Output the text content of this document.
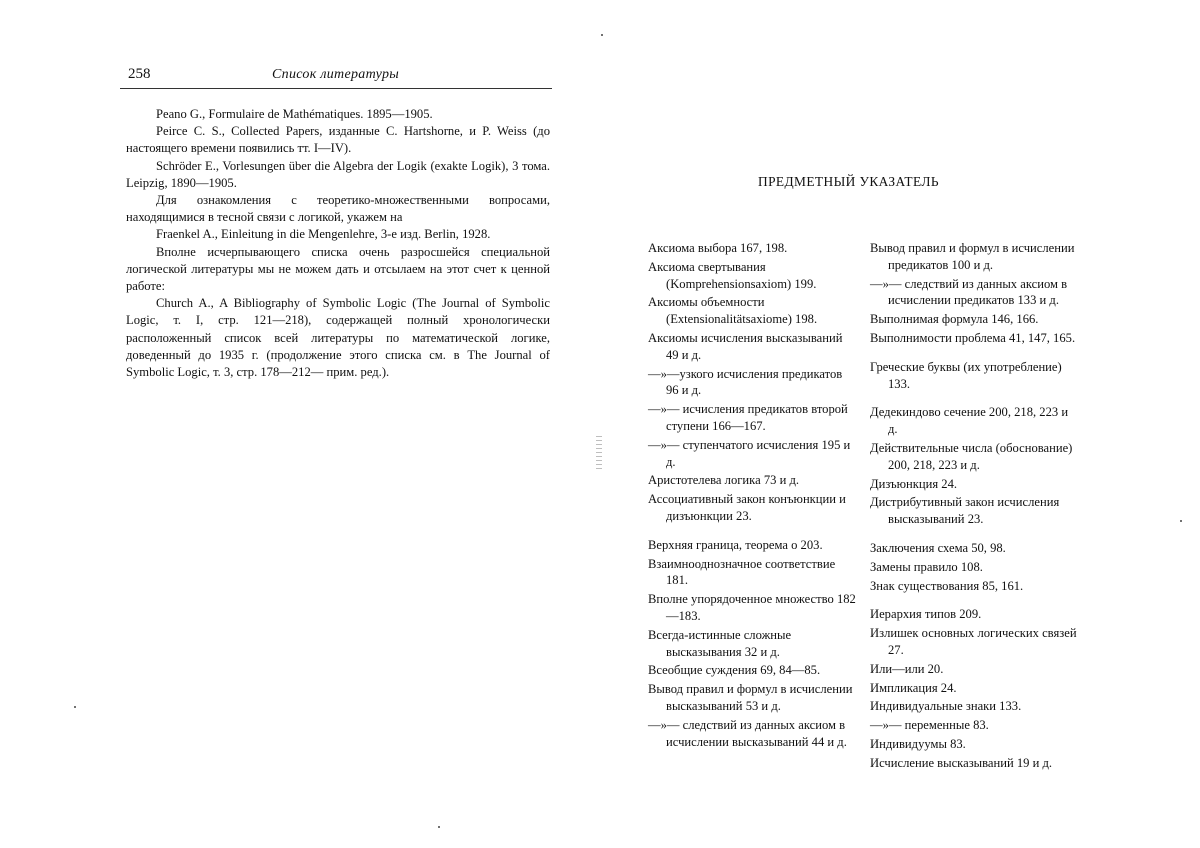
258	Список литературы

Peano G., Formulaire de Mathématiques. 1895—1905.

Peirce C. S., Collected Papers, изданные С. Hartshorne, и P. Weiss (до настоящего времени появились тт. I—IV).

Schröder E., Vorlesungen über die Algebra der Logik (exakte Logik), 3 тома. Leipzig, 1890—1905.

Для ознакомления с теоретико-множественными вопросами, находящимися в тесной связи с логикой, укажем на

Fraenkel A., Einleitung in die Mengenlehre, 3-е изд. Berlin, 1928.

Вполне исчерпывающего списка очень разросшейся специальной логической литературы мы не можем дать и отсылаем на этот счет к ценной работе:

Church A., A Bibliography of Symbolic Logic (The Journal of Symbolic Logic, т. I, стр. 121—218), содержащей полный хронологически расположенный список всей литературы по математической логике, доведенный до 1935 г. (продолжение этого списка см. в The Journal of Symbolic Logic, т. 3, стр. 178—212— прим. ред.).

ПРЕДМЕТНЫЙ УКАЗАТЕЛЬ
Аксиома выбора 167, 198.
Аксиома свертывания (Komprehensionsaxiom) 199.
Аксиомы объемности (Extensionalitätsaxiome) 198.
Аксиомы исчисления высказываний 49 и д.
—»—узкого исчисления предикатов 96 и д.
—»— исчисления предикатов второй ступени 166—167.
—»— ступенчатого исчисления 195 и д.
Аристотелева логика 73 и д.
Ассоциативный закон конъюнкции и дизъюнкции 23.
Верхняя граница, теорема о 203.
Взаимнооднозначное соответствие 181.
Вполне упорядоченное множество 182—183.
Всегда-истинные сложные высказывания 32 и д.
Всеобщие суждения 69, 84—85.
Вывод правил и формул в исчислении высказываний 53 и д.
—»— следствий из данных аксиом в исчислении высказываний 44 и д.
Вывод правил и формул в исчислении предикатов 100 и д.
—»— следствий из данных аксиом в исчислении предикатов 133 и д.
Выполнимая формула 146, 166.
Выполнимости проблема 41, 147, 165.
Греческие буквы (их употребление) 133.
Дедекиндово сечение 200, 218, 223 и д.
Действительные числа (обоснование) 200, 218, 223 и д.
Дизъюнкция 24.
Дистрибутивный закон исчисления высказываний 23.
Заключения схема 50, 98.
Замены правило 108.
Знак существования 85, 161.
Иерархия типов 209.
Излишек основных логических связей 27.
Или—или 20.
Импликация 24.
Индивидуальные знаки 133.
—»— переменные 83.
Индивидуумы 83.
Исчисление высказываний 19 и д.
